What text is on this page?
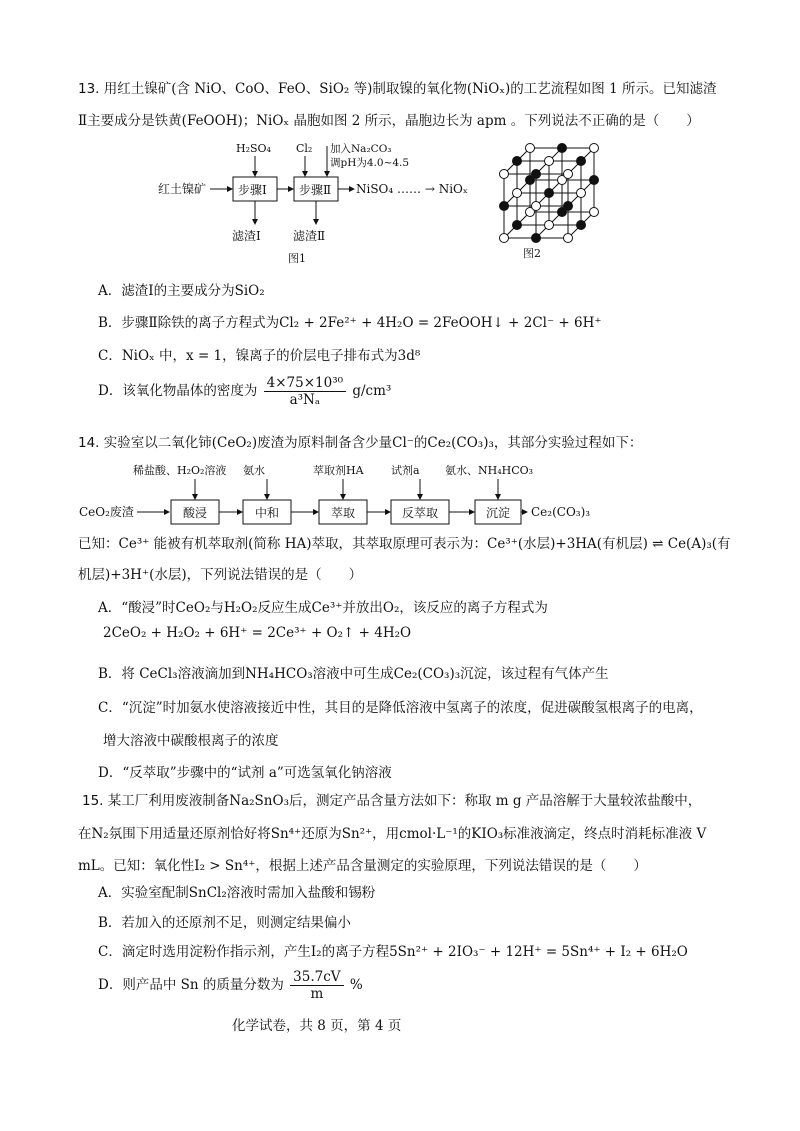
13. 用红土镍矿(含 NiO、CoO、FeO、SiO₂ 等)制取镍的氧化物(NiOₓ)的工艺流程如图 1 所示。已知滤渣
Ⅱ主要成分是铁黄(FeOOH)；NiOₓ 晶胞如图 2 所示，晶胞边长为 apm 。下列说法不正确的是（　　）
红土镍矿	步骤Ⅰ	步骤Ⅱ NiSO₄ …… → NiOₓ
H₂SO₄ Cl₂ 加入Na₂CO₃
调pH为4.0~4.5
滤渣Ⅰ	滤渣Ⅱ
图1	图2
A．滤渣Ⅰ的主要成分为SiO₂
B．步骤Ⅱ除铁的离子方程式为Cl₂ + 2Fe²⁺ + 4H₂O = 2FeOOH↓ + 2Cl⁻ + 6H⁺
C．NiOₓ 中，x = 1，镍离子的价层电子排布式为3d⁸
D．该氧化物晶体的密度为 $\frac{\text{4×75×10³⁰}}{\text{a³Nₐ}} g/cm^3$
14. 实验室以二氧化铈(CeO₂)废渣为原料制备含少量Cl⁻的Ce₂(CO₃)₃，其部分实验过程如下：
CeO₂废渣	酸浸
稀盐酸、H₂O₂溶液
中和
氨水
萃取
萃取剂HA
反萃取
试剂a
沉淀
氨水、NH₄HCO₃
Ce₂(CO₃)₃
已知：Ce³⁺ 能被有机萃取剂(简称 HA)萃取，其萃取原理可表示为：Ce³⁺(水层)+3HA(有机层) ⇌ Ce(A)₃(有
机层)+3H⁺(水层)，下列说法错误的是（　　）
A．“酸浸”时CeO₂与H₂O₂反应生成Ce³⁺并放出O₂，该反应的离子方程式为
2CeO₂ + H₂O₂ + 6H⁺ = 2Ce³⁺ + O₂↑ + 4H₂O
B．将 CeCl₃溶液滴加到NH₄HCO₃溶液中可生成Ce₂(CO₃)₃沉淀，该过程有气体产生
C．“沉淀”时加氨水使溶液接近中性，其目的是降低溶液中氢离子的浓度，促进碳酸氢根离子的电离，
增大溶液中碳酸根离子的浓度
D．“反萃取”步骤中的“试剂 a”可选氢氧化钠溶液
15. 某工厂利用废液制备Na₂SnO₃后，测定产品含量方法如下：称取 m g 产品溶解于大量较浓盐酸中，
在N₂氛围下用适量还原剂恰好将Sn⁴⁺还原为Sn²⁺，用cmol·L⁻¹的KIO₃标准液滴定，终点时消耗标准液 V
mL。已知：氧化性I₂ > Sn⁴⁺，根据上述产品含量测定的实验原理，下列说法错误的是（　　）
A．实验室配制SnCl₂溶液时需加入盐酸和锡粉
B．若加入的还原剂不足，则测定结果偏小
C．滴定时选用淀粉作指示剂，产生I₂的离子方程5Sn²⁺ + 2IO₃⁻ + 12H⁺ = 5Sn⁴⁺ + I₂ + 6H₂O
D．则产品中 Sn 的质量分数为 $\frac{35.7cV}{m}$ %
化学试卷，共 8 页，第 4 页
